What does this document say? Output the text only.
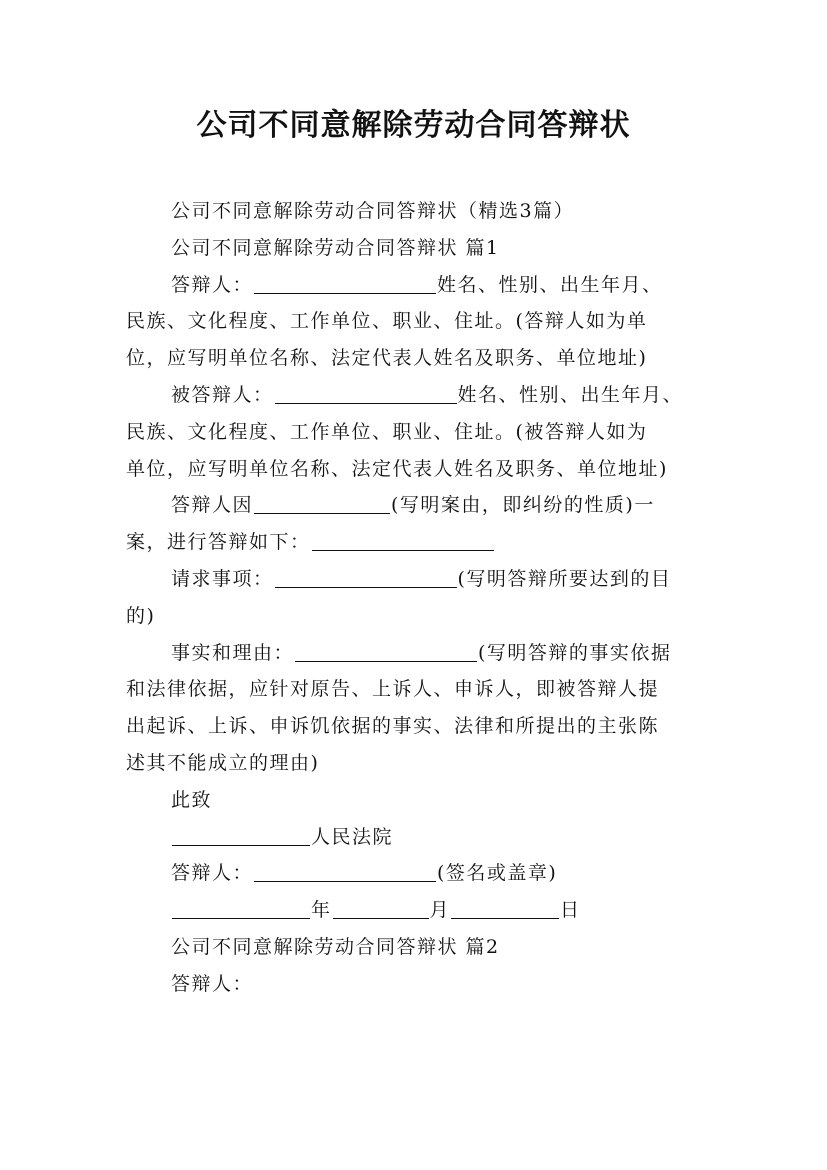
公司不同意解除劳动合同答辩状
公司不同意解除劳动合同答辩状（精选3篇）
公司不同意解除劳动合同答辩状 篇1
答辩人：	姓名、性别、出生年月、
民族、文化程度、工作单位、职业、住址。(答辩人如为单
位，应写明单位名称、法定代表人姓名及职务、单位地址)
被答辩人：	姓名、性别、出生年月、
民族、文化程度、工作单位、职业、住址。(被答辩人如为
单位，应写明单位名称、法定代表人姓名及职务、单位地址)
答辩人因	(写明案由，即纠纷的性质)一
案，进行答辩如下：
请求事项：	(写明答辩所要达到的目
的)
事实和理由：	(写明答辩的事实依据
和法律依据，应针对原告、上诉人、申诉人，即被答辩人提
出起诉、上诉、申诉饥依据的事实、法律和所提出的主张陈
述其不能成立的理由)
此致
人民法院
答辩人：	(签名或盖章)
年	月	日
公司不同意解除劳动合同答辩状 篇2
答辩人：
